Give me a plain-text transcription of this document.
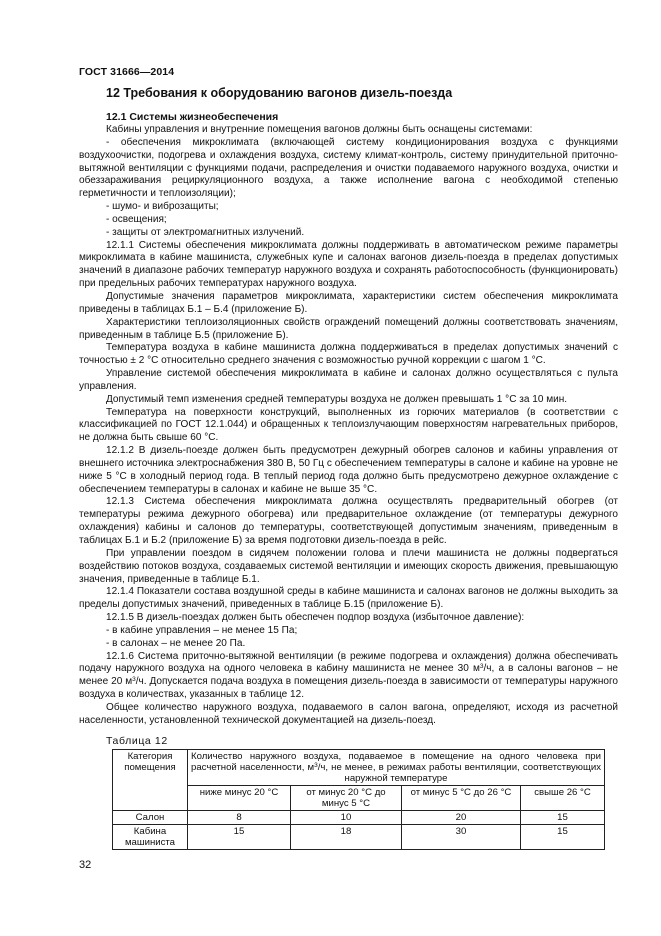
ГОСТ 31666—2014
12 Требования к оборудованию вагонов дизель-поезда
12.1 Системы жизнеобеспечения

Кабины управления и внутренние помещения вагонов должны быть оснащены системами:

- обеспечения микроклимата (включающей систему кондиционирования воздуха с функциями воздухоочистки, подогрева и охлаждения воздуха, систему климат-контроль, систему принудительной приточно-вытяжной вентиляции с функциями подачи, распределения и очистки подаваемого наружного воздуха, очистки и обеззараживания рециркуляционного воздуха, а также исполнение вагона с необходимой степенью герметичности и теплоизоляции);

- шумо- и виброзащиты;

- освещения;

- защиты от электромагнитных излучений.

12.1.1 Системы обеспечения микроклимата должны поддерживать в автоматическом режиме параметры микроклимата в кабине машиниста, служебных купе и салонах вагонов дизель-поезда в пределах допустимых значений в диапазоне рабочих температур наружного воздуха и сохранять работоспособность (функционировать) при предельных рабочих температурах наружного воздуха.

Допустимые значения параметров микроклимата, характеристики систем обеспечения микроклимата приведены в таблицах Б.1 – Б.4 (приложение Б).

Характеристики теплоизоляционных свойств ограждений помещений должны соответствовать значениям, приведенным в таблице Б.5 (приложение Б).

Температура воздуха в кабине машиниста должна поддерживаться в пределах допустимых значений с точностью ± 2 °С относительно среднего значения с возможностью ручной коррекции с шагом 1 °С.

Управление системой обеспечения микроклимата в кабине и салонах должно осуществляться с пульта управления.

Допустимый темп изменения средней температуры воздуха не должен превышать 1 °С за 10 мин.

Температура на поверхности конструкций, выполненных из горючих материалов (в соответствии с классификацией по ГОСТ 12.1.044) и обращенных к теплоизлучающим поверхностям нагревательных приборов, не должна быть свыше 60 °С.

12.1.2 В дизель-поезде должен быть предусмотрен дежурный обогрев салонов и кабины управления от внешнего источника электроснабжения 380 В, 50 Гц с обеспечением температуры в салоне и кабине на уровне не ниже 5 °С в холодный период года. В теплый период года должно быть предусмотрено дежурное охлаждение с обеспечением температуры в салонах и кабине не выше 35 °С.

12.1.3 Система обеспечения микроклимата должна осуществлять предварительный обогрев (от температуры режима дежурного обогрева) или предварительное охлаждение (от температуры дежурного охлаждения) кабины и салонов до температуры, соответствующей допустимым значениям, приведенным в таблицах Б.1 и Б.2 (приложение Б) за время подготовки дизель-поезда в рейс.

При управлении поездом в сидячем положении голова и плечи машиниста не должны подвергаться воздействию потоков воздуха, создаваемых системой вентиляции и имеющих скорость движения, превышающую значения, приведенные в таблице Б.1.

12.1.4 Показатели состава воздушной среды в кабине машиниста и салонах вагонов не должны выходить за пределы допустимых значений, приведенных в таблице Б.15 (приложение Б).

12.1.5 В дизель-поездах должен быть обеспечен подпор воздуха (избыточное давление):

- в кабине управления – не менее 15 Па;

- в салонах – не менее 20 Па.

12.1.6 Система приточно-вытяжной вентиляции (в режиме подогрева и охлаждения) должна обеспечивать подачу наружного воздуха на одного человека в кабину машиниста не менее 30 $м^3/ч$, а в салоны вагонов – не менее 20 $м^3/ч$. Допускается подача воздуха в помещения дизель-поезда в зависимости от температуры наружного воздуха в количествах, указанных в таблице 12.

Общее количество наружного воздуха, подаваемого в салон вагона, определяют, исходя из расчетной населенности, установленной технической документацией на дизель-поезд.

Таблица 12
Категория помещения	Количество наружного воздуха, подаваемое в помещение на одного человека при расчетной населенности, $м^3/ч$, не менее, в режимах работы вентиляции, соответствующих наружной температуре			
	ниже минус 20 °С	от минус 20 °С до минус 5 °С	от минус 5 °С до 26 °С	свыше 26 °С
Салон	8	10	20	15
Кабина машиниста	15	18	30	15
32
